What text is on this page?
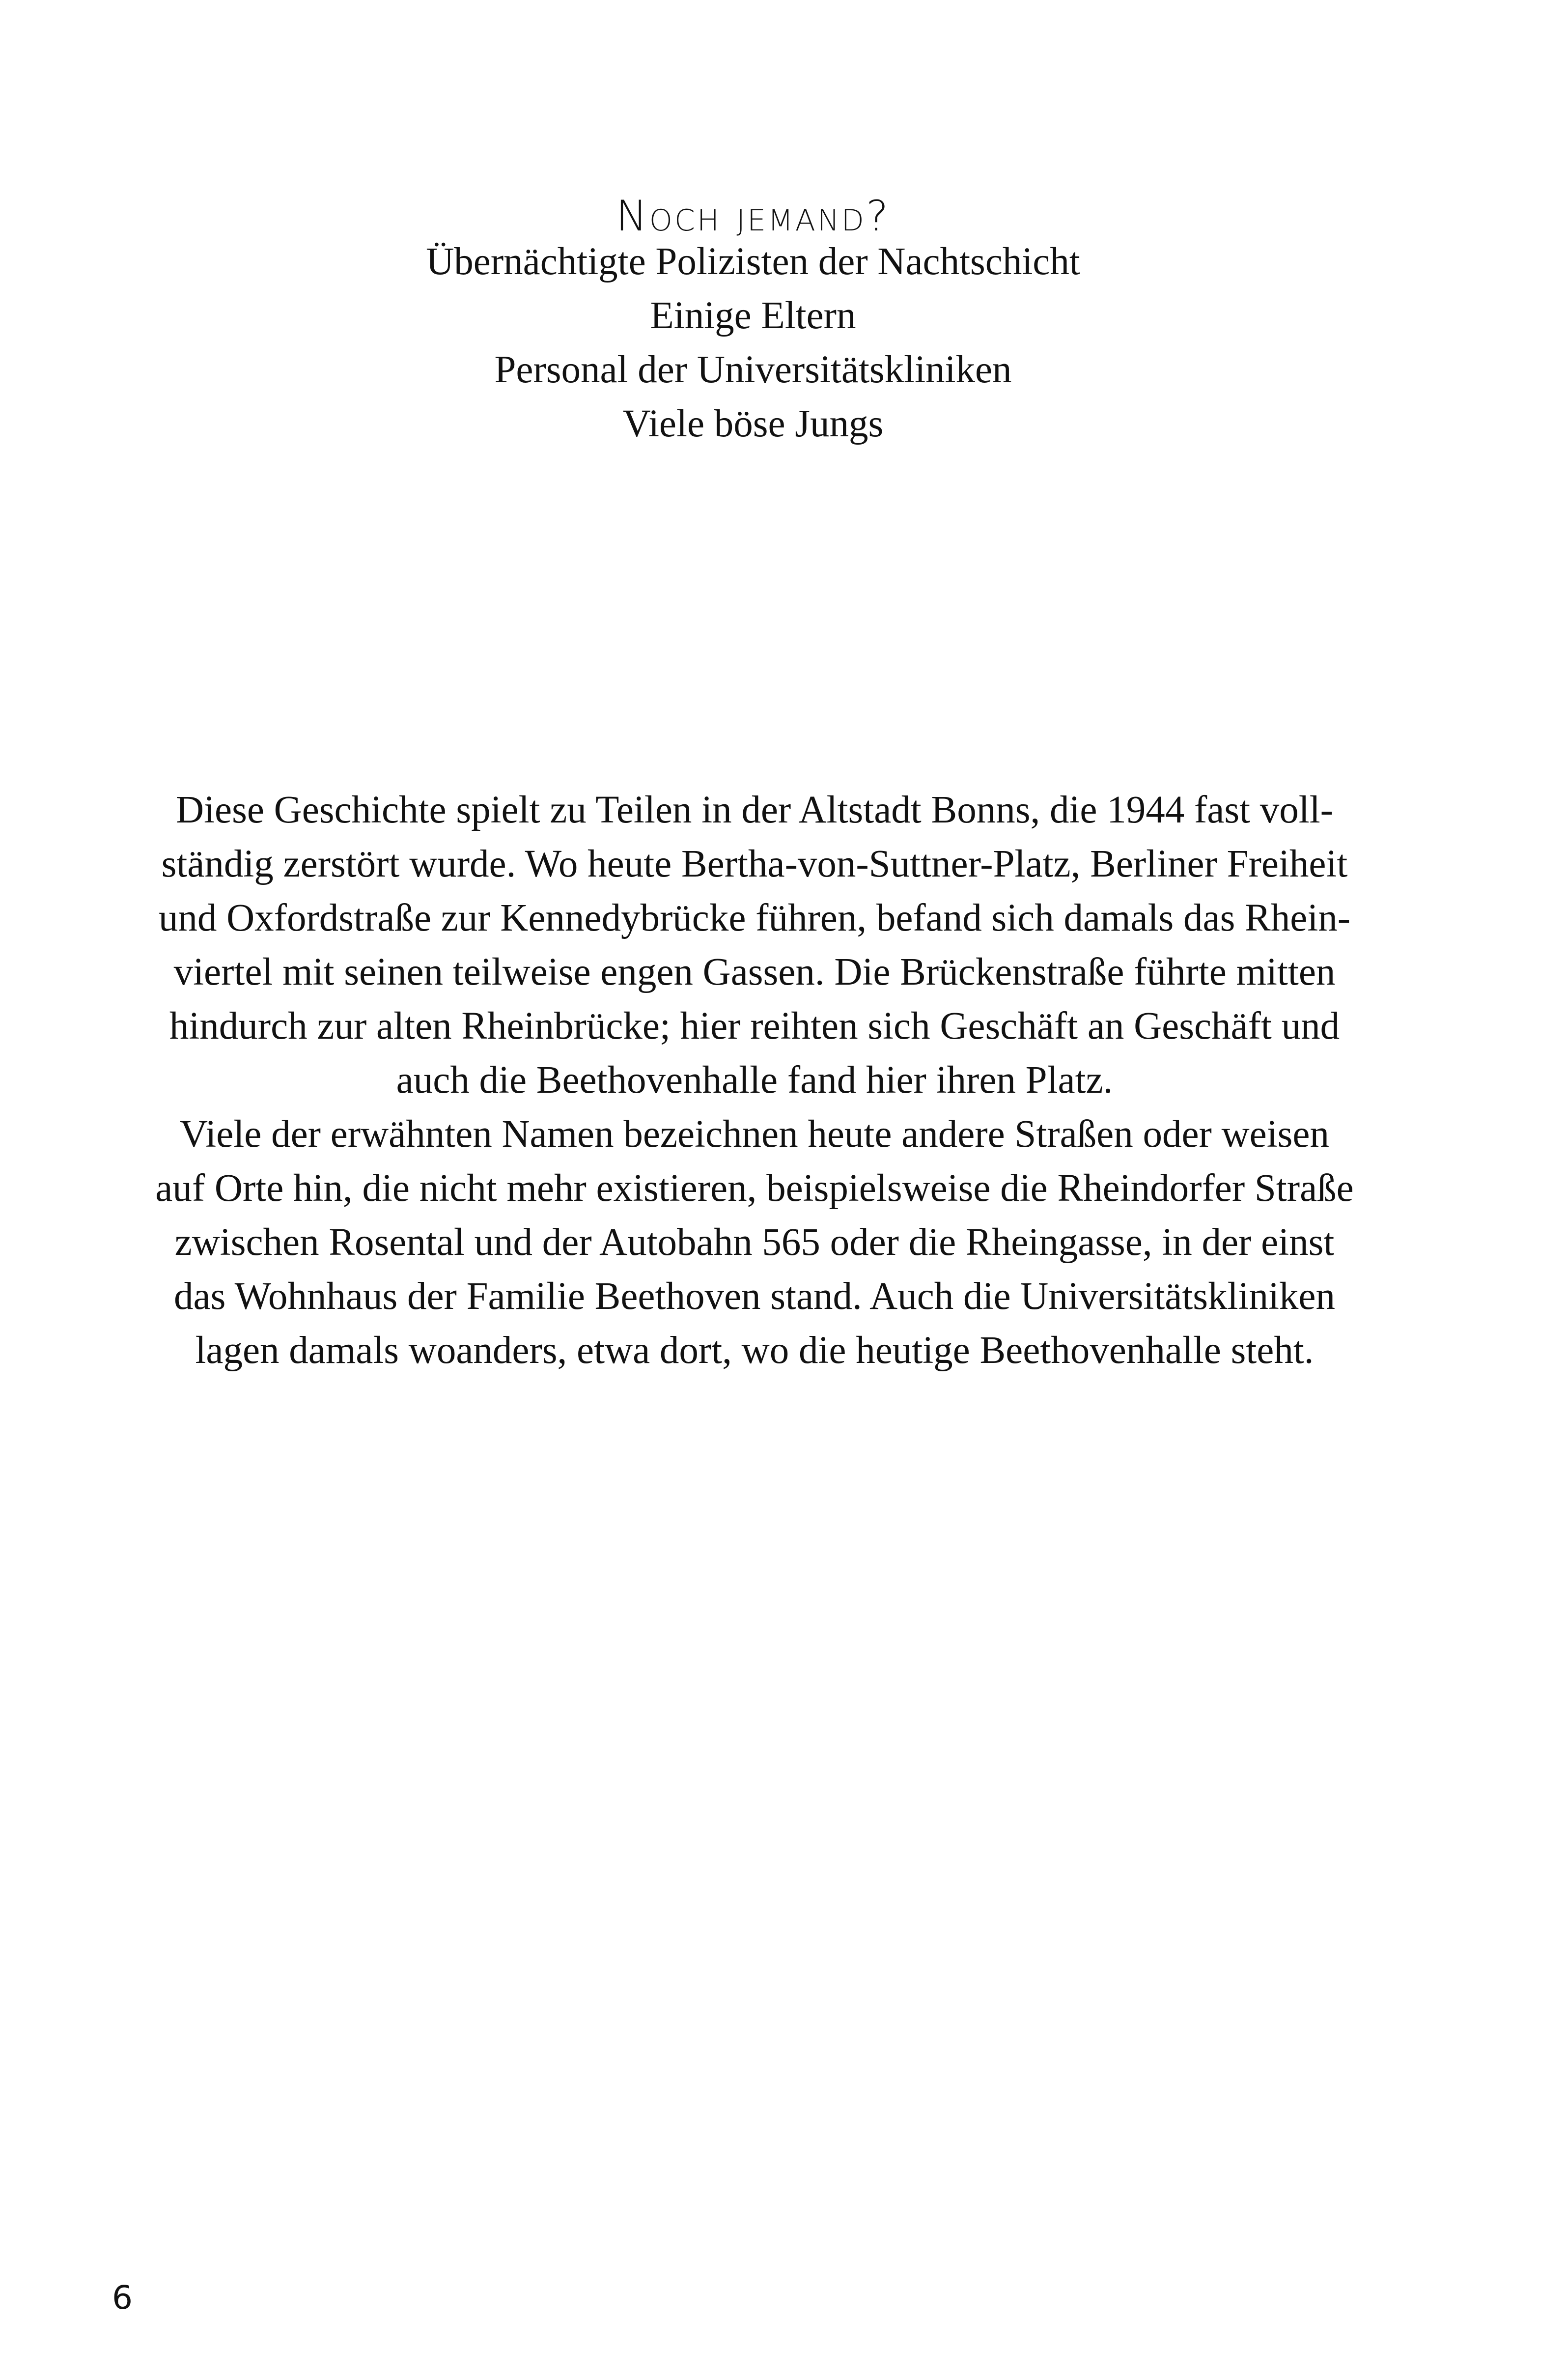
Noch jemand?
Übernächtigte Polizisten der Nachtschicht
Einige Eltern
Personal der Universitätskliniken
Viele böse Jungs

Diese Geschichte spielt zu Teilen in der Altstadt Bonns, die 1944 fast voll-
ständig zerstört wurde. Wo heute Bertha-von-Suttner-Platz, Berliner Freiheit
und Oxfordstraße zur Kennedybrücke führen, befand sich damals das Rhein-
viertel mit seinen teilweise engen Gassen. Die Brückenstraße führte mitten
hindurch zur alten Rheinbrücke; hier reihten sich Geschäft an Geschäft und
auch die Beethovenhalle fand hier ihren Platz.

Viele der erwähnten Namen bezeichnen heute andere Straßen oder weisen
auf Orte hin, die nicht mehr existieren, beispielsweise die Rheindorfer Straße
zwischen Rosental und der Autobahn 565 oder die Rheingasse, in der einst
das Wohnhaus der Familie Beethoven stand. Auch die Universitätskliniken
lagen damals woanders, etwa dort, wo die heutige Beethovenhalle steht.

6
